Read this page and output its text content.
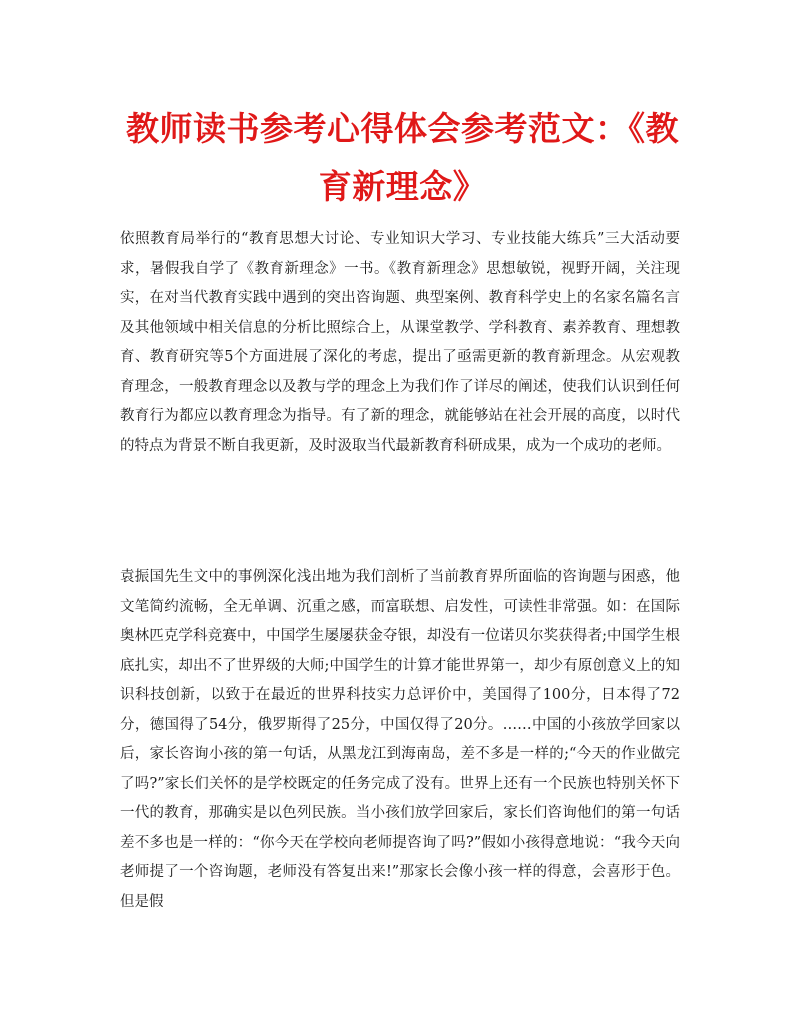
教师读书参考心得体会参考范文：《教育新理念》

依照教育局举行的“教育思想大讨论、专业知识大学习、专业技能大练兵”三大活动要求，暑假我自学了《教育新理念》一书。《教育新理念》思想敏锐，视野开阔，关注现实，在对当代教育实践中遇到的突出咨询题、典型案例、教育科学史上的名家名篇名言及其他领域中相关信息的分析比照综合上，从课堂教学、学科教育、素养教育、理想教育、教育研究等5个方面进展了深化的考虑，提出了亟需更新的教育新理念。从宏观教育理念，一般教育理念以及教与学的理念上为我们作了详尽的阐述，使我们认识到任何教育行为都应以教育理念为指导。有了新的理念，就能够站在社会开展的高度，以时代的特点为背景不断自我更新，及时汲取当代最新教育科研成果，成为一个成功的老师。

袁振国先生文中的事例深化浅出地为我们剖析了当前教育界所面临的咨询题与困惑，他文笔简约流畅，全无单调、沉重之感，而富联想、启发性，可读性非常强。如：在国际奥林匹克学科竞赛中，中国学生屡屡获金夺银，却没有一位诺贝尔奖获得者;中国学生根底扎实，却出不了世界级的大师;中国学生的计算才能世界第一，却少有原创意义上的知识科技创新，以致于在最近的世界科技实力总评价中，美国得了100分，日本得了72分，德国得了54分，俄罗斯得了25分，中国仅得了20分。……中国的小孩放学回家以后，家长咨询小孩的第一句话，从黑龙江到海南岛，差不多是一样的;“今天的作业做完了吗?”家长们关怀的是学校既定的任务完成了没有。世界上还有一个民族也特别关怀下一代的教育，那确实是以色列民族。当小孩们放学回家后，家长们咨询他们的第一句话差不多也是一样的：“你今天在学校向老师提咨询了吗?”假如小孩得意地说：“我今天向老师提了一个咨询题，老师没有答复出来!”那家长会像小孩一样的得意，会喜形于色。但是假
